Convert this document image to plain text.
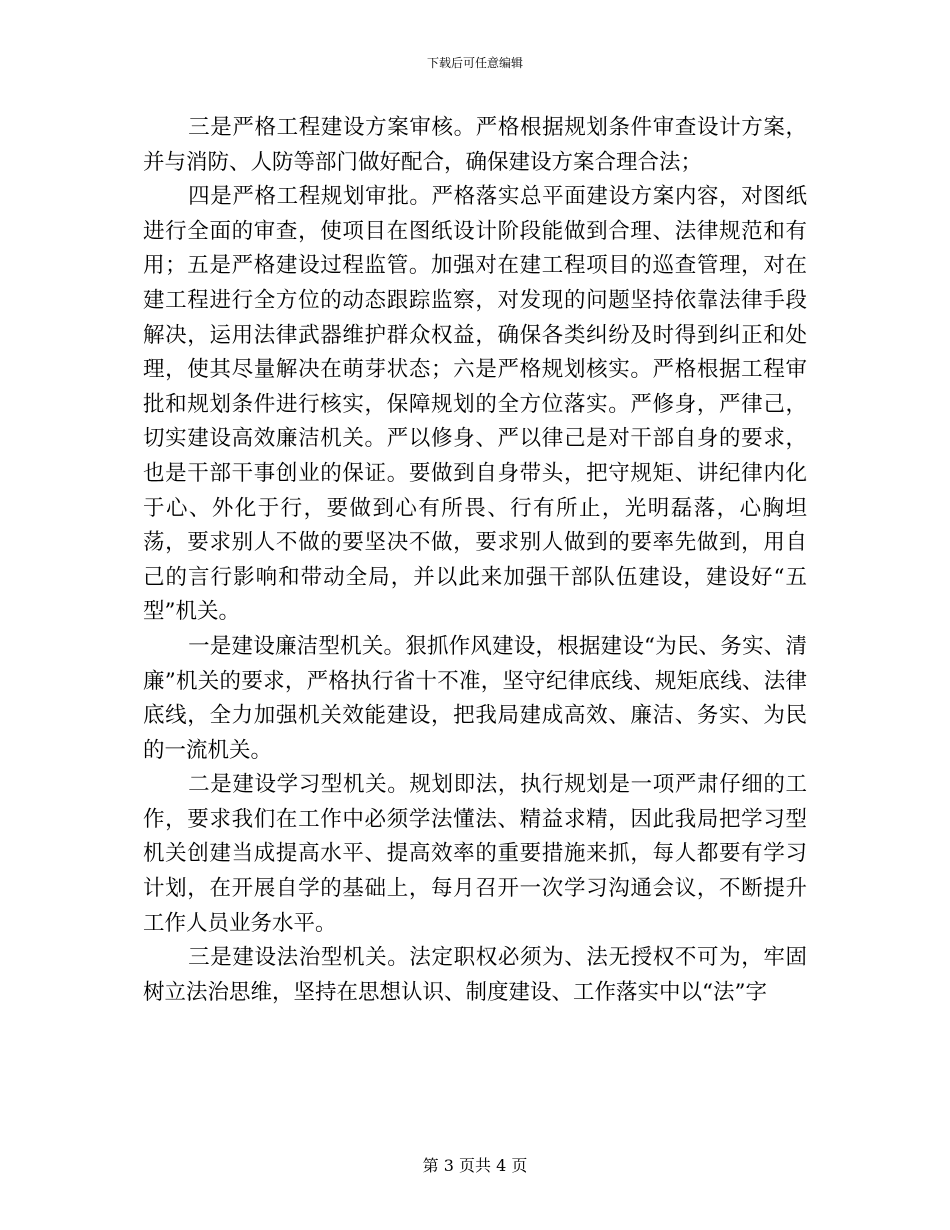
下载后可任意编辑

三是严格工程建设方案审核。严格根据规划条件审查设计方案，并与消防、人防等部门做好配合，确保建设方案合理合法；

四是严格工程规划审批。严格落实总平面建设方案内容，对图纸进行全面的审查，使项目在图纸设计阶段能做到合理、法律规范和有用；五是严格建设过程监管。加强对在建工程项目的巡查管理，对在建工程进行全方位的动态跟踪监察，对发现的问题坚持依靠法律手段解决，运用法律武器维护群众权益，确保各类纠纷及时得到纠正和处理，使其尽量解决在萌芽状态；六是严格规划核实。严格根据工程审批和规划条件进行核实，保障规划的全方位落实。严修身，严律己，切实建设高效廉洁机关。严以修身、严以律己是对干部自身的要求，也是干部干事创业的保证。要做到自身带头，把守规矩、讲纪律内化于心、外化于行，要做到心有所畏、行有所止，光明磊落，心胸坦荡，要求别人不做的要坚决不做，要求别人做到的要率先做到，用自己的言行影响和带动全局，并以此来加强干部队伍建设，建设好“五型”机关。

一是建设廉洁型机关。狠抓作风建设，根据建设“为民、务实、清廉”机关的要求，严格执行省十不准，坚守纪律底线、规矩底线、法律底线，全力加强机关效能建设，把我局建成高效、廉洁、务实、为民的一流机关。

二是建设学习型机关。规划即法，执行规划是一项严肃仔细的工作，要求我们在工作中必须学法懂法、精益求精，因此我局把学习型机关创建当成提高水平、提高效率的重要措施来抓，每人都要有学习计划，在开展自学的基础上，每月召开一次学习沟通会议，不断提升工作人员业务水平。

三是建设法治型机关。法定职权必须为、法无授权不可为，牢固树立法治思维，坚持在思想认识、制度建设、工作落实中以“法”字

第 3 页共 4 页
